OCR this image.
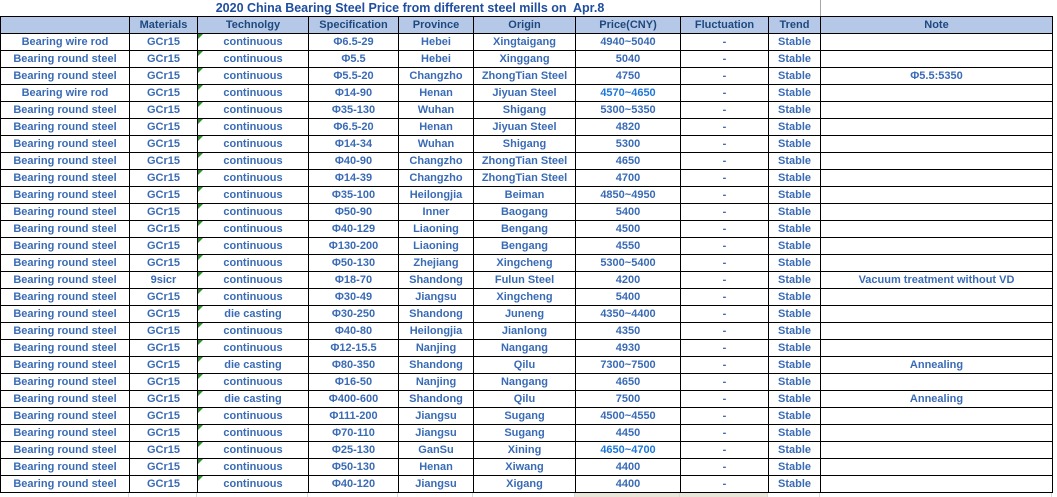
2020 China Bearing Steel Price from different steel mills on  Apr.8
	Materials	Technolgy	Specification	Province	Origin	Price(CNY)	Fluctuation	Trend	Note
Bearing wire rod	GCr15	continuous	Φ6.5-29	Hebei	Xingtaigang	4940~5040	-	Stable	
Bearing round steel	GCr15	continuous	Φ5.5	Hebei	Xinggang	5040	-	Stable	
Bearing round steel	GCr15	continuous	Φ5.5-20	Changzho	ZhongTian Steel	4750	-	Stable	Φ5.5:5350
Bearing wire rod	GCr15	continuous	Φ14-90	Henan	Jiyuan Steel	4570~4650	-	Stable	
Bearing round steel	GCr15	continuous	Φ35-130	Wuhan	Shigang	5300~5350	-	Stable	
Bearing round steel	GCr15	continuous	Φ6.5-20	Henan	Jiyuan Steel	4820	-	Stable	
Bearing round steel	GCr15	continuous	Φ14-34	Wuhan	Shigang	5300	-	Stable	
Bearing round steel	GCr15	continuous	Φ40-90	Changzho	ZhongTian Steel	4650	-	Stable	
Bearing round steel	GCr15	continuous	Φ14-39	Changzho	ZhongTian Steel	4700	-	Stable	
Bearing round steel	GCr15	continuous	Φ35-100	Heilongjia	Beiman	4850~4950	-	Stable	
Bearing round steel	GCr15	continuous	Φ50-90	Inner	Baogang	5400	-	Stable	
Bearing round steel	GCr15	continuous	Φ40-129	Liaoning	Bengang	4500	-	Stable	
Bearing round steel	GCr15	continuous	Φ130-200	Liaoning	Bengang	4550	-	Stable	
Bearing round steel	GCr15	continuous	Φ50-130	Zhejiang	Xingcheng	5300~5400	-	Stable	
Bearing round steel	9sicr	continuous	Φ18-70	Shandong	Fulun Steel	4200	-	Stable	Vacuum treatment without VD
Bearing round steel	GCr15	continuous	Φ30-49	Jiangsu	Xingcheng	5400	-	Stable	
Bearing round steel	GCr15	die casting	Φ30-250	Shandong	Juneng	4350~4400	-	Stable	
Bearing round steel	GCr15	continuous	Φ40-80	Heilongjia	Jianlong	4350	-	Stable	
Bearing round steel	GCr15	continuous	Φ12-15.5	Nanjing	Nangang	4930	-	Stable	
Bearing round steel	GCr15	die casting	Φ80-350	Shandong	Qilu	7300~7500	-	Stable	Annealing
Bearing round steel	GCr15	continuous	Φ16-50	Nanjing	Nangang	4650	-	Stable	
Bearing round steel	GCr15	die casting	Φ400-600	Shandong	Qilu	7500	-	Stable	Annealing
Bearing round steel	GCr15	continuous	Φ111-200	Jiangsu	Sugang	4500~4550	-	Stable	
Bearing round steel	GCr15	continuous	Φ70-110	Jiangsu	Sugang	4450	-	Stable	
Bearing round steel	GCr15	continuous	Φ25-130	GanSu	Xining	4650~4700	-	Stable	
Bearing round steel	GCr15	continuous	Φ50-130	Henan	Xiwang	4400	-	Stable	
Bearing round steel	GCr15	continuous	Φ40-120	Jiangsu	Xigang	4400	-	Stable	
